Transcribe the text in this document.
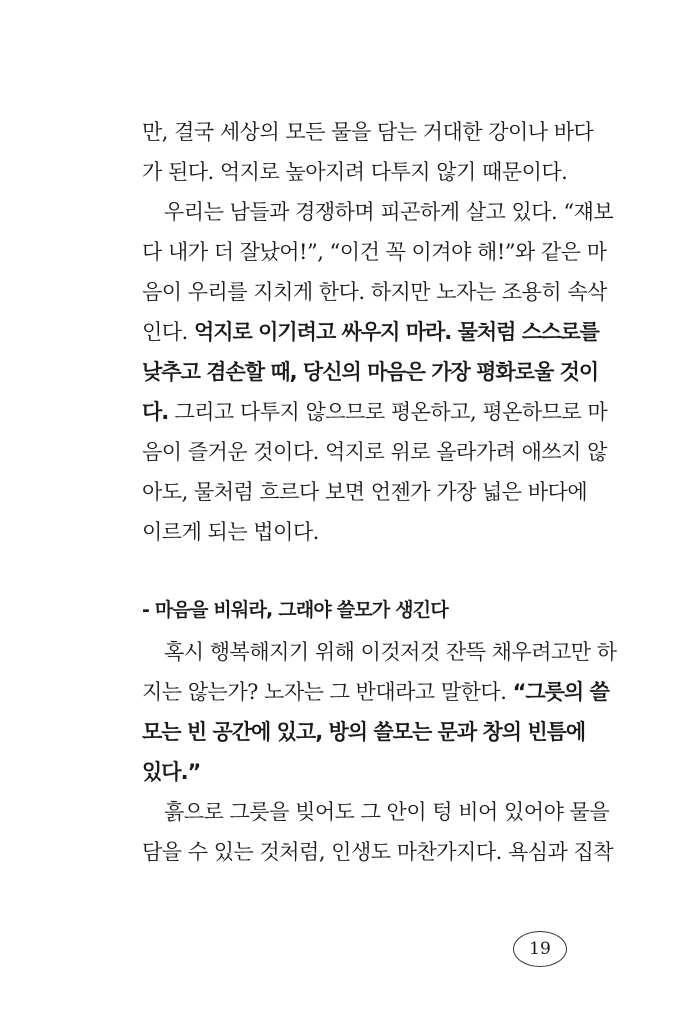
만, 결국 세상의 모든 물을 담는 거대한 강이나 바다
가 된다. 억지로 높아지려 다투지 않기 때문이다.
우리는 남들과 경쟁하며 피곤하게 살고 있다. “쟤보
다 내가 더 잘났어!”, “이건 꼭 이겨야 해!”와 같은 마
음이 우리를 지치게 한다. 하지만 노자는 조용히 속삭
인다. 억지로 이기려고 싸우지 마라. 물처럼 스스로를
낮추고 겸손할 때, 당신의 마음은 가장 평화로울 것이
다. 그리고 다투지 않으므로 평온하고, 평온하므로 마
음이 즐거운 것이다. 억지로 위로 올라가려 애쓰지 않
아도, 물처럼 흐르다 보면 언젠가 가장 넓은 바다에
이르게 되는 법이다.
- 마음을 비워라, 그래야 쓸모가 생긴다
혹시 행복해지기 위해 이것저것 잔뜩 채우려고만 하
지는 않는가? 노자는 그 반대라고 말한다. “그릇의 쓸
모는 빈 공간에 있고, 방의 쓸모는 문과 창의 빈틈에
있다.”
흙으로 그릇을 빚어도 그 안이 텅 비어 있어야 물을
담을 수 있는 것처럼, 인생도 마찬가지다. 욕심과 집착
19
